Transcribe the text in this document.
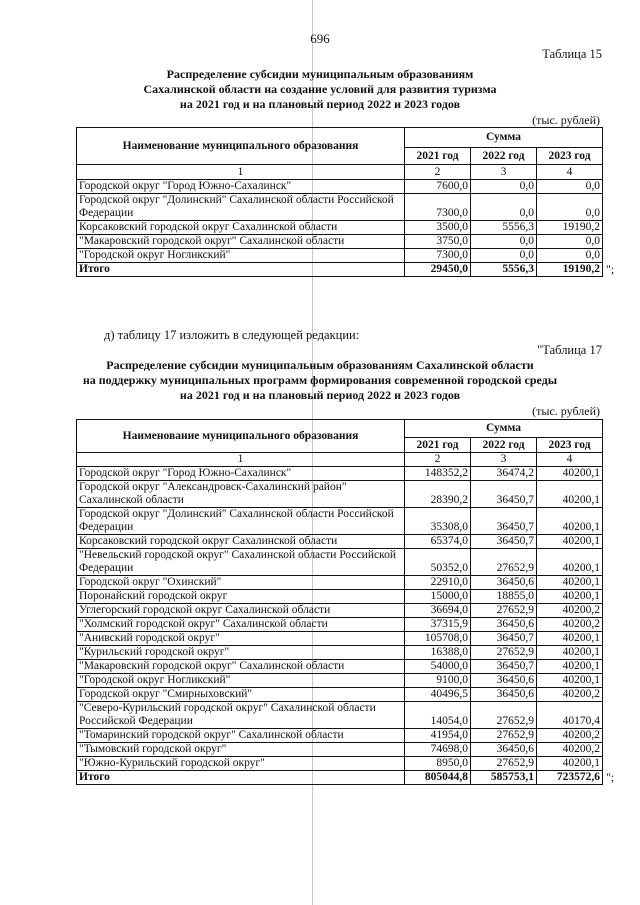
696
Таблица 15
Распределение субсидии муниципальным образованиям
Сахалинской области на создание условий для развития туризма
на 2021 год и на плановый период 2022 и 2023 годов
(тыс. рублей)
Наименование муниципального образования	Сумма		
	2021 год	2022 год	2023 год
1	2	3	4
Городской округ "Город Южно-Сахалинск"	7600,0	0,0	0,0
Городской округ "Долинский" Сахалинской области Российской Федерации	7300,0	0,0	0,0
Корсаковский городской округ Сахалинской области	3500,0	5556,3	19190,2
"Макаровский городской округ" Сахалинской области	3750,0	0,0	0,0
"Городской округ Ногликский"	7300,0	0,0	0,0
Итого	29450,0	5556,3	19190,2 ";
д) таблицу 17 изложить в следующей редакции:
"Таблица 17
Распределение субсидии муниципальным образованиям Сахалинской области
на поддержку муниципальных программ формирования современной городской среды
на 2021 год и на плановый период 2022 и 2023 годов
(тыс. рублей)
Наименование муниципального образования	Сумма		
	2021 год	2022 год	2023 год
1	2	3	4
Городской округ "Город Южно-Сахалинск"	148352,2	36474,2	40200,1
Городской округ "Александровск-Сахалинский район" Сахалинской области	28390,2	36450,7	40200,1
Городской округ "Долинский" Сахалинской области Российской Федерации	35308,0	36450,7	40200,1
Корсаковский городской округ Сахалинской области	65374,0	36450,7	40200,1
"Невельский городской округ" Сахалинской области Российской Федерации	50352,0	27652,9	40200,1
Городской округ "Охинский"	22910,0	36450,6	40200,1
Поронайский городской округ	15000,0	18855,0	40200,1
Углегорский городской округ Сахалинской области	36694,0	27652,9	40200,2
"Холмский городской округ" Сахалинской области	37315,9	36450,6	40200,2
"Анивский городской округ"	105708,0	36450,7	40200,1
"Курильский городской округ"	16388,0	27652,9	40200,1
"Макаровский городской округ" Сахалинской области	54000,0	36450,7	40200,1
"Городской округ Ногликский"	9100,0	36450,6	40200,1
Городской округ "Смирныховский"	40496,5	36450,6	40200,2
"Северо-Курильский городской округ" Сахалинской области Российской Федерации	14054,0	27652,9	40170,4
"Томаринский городской округ" Сахалинской области	41954,0	27652,9	40200,2
"Тымовский городской округ"	74698,0	36450,6	40200,2
"Южно-Курильский городской округ"	8950,0	27652,9	40200,1
Итого	805044,8	585753,1	723572,6 ";
